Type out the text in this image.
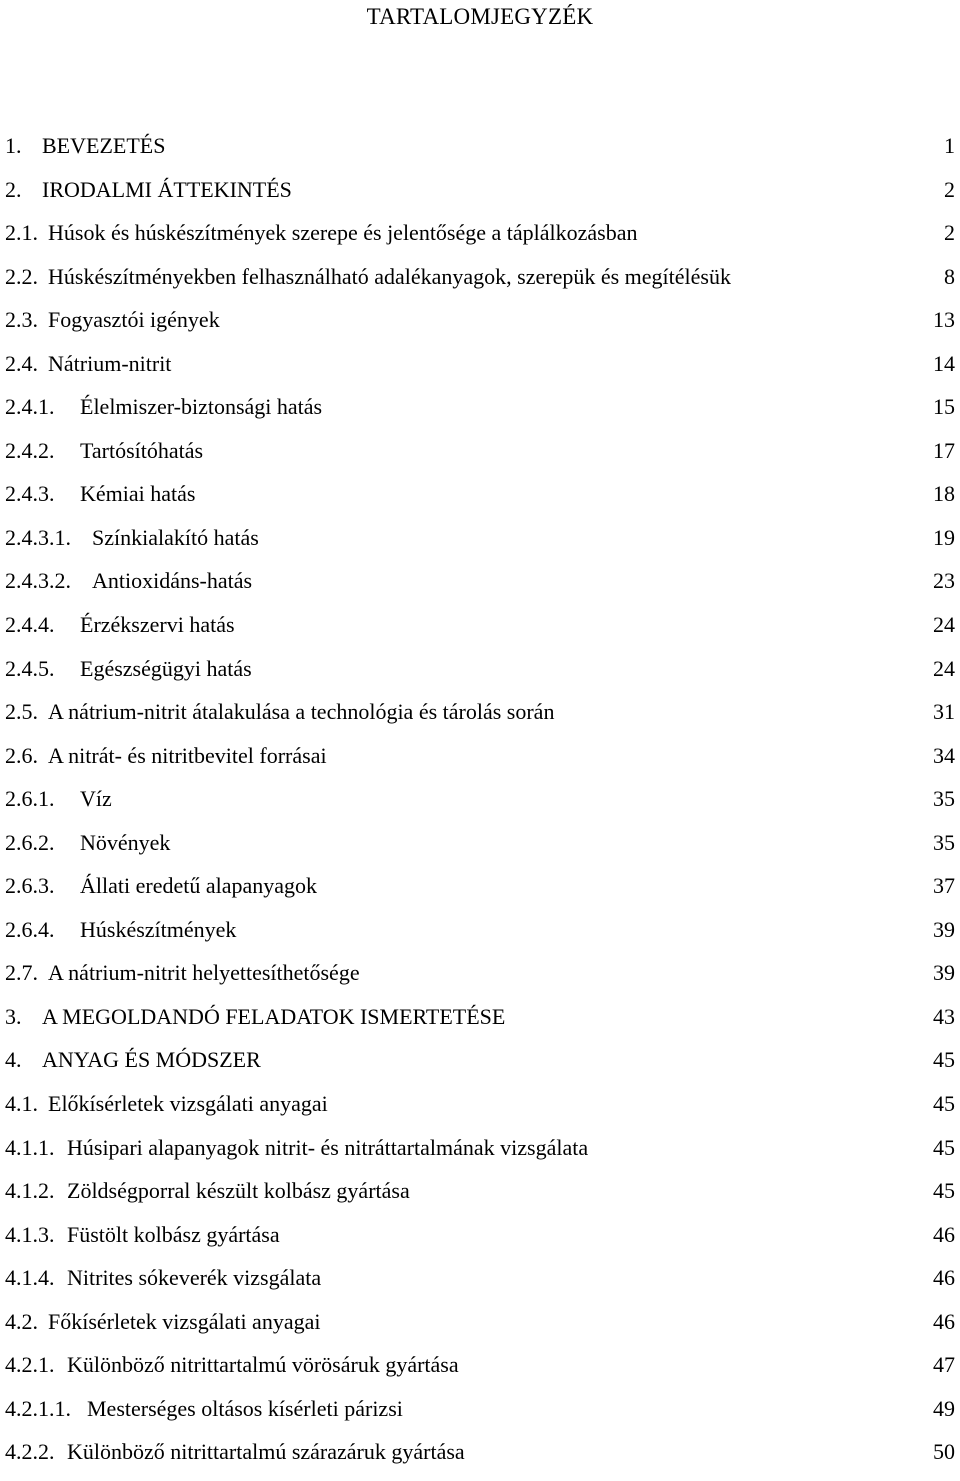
TARTALOMJEGYZÉK
1. BEVEZETÉS	1
2. IRODALMI ÁTTEKINTÉS	2
2.1. Húsok és húskészítmények szerepe és jelentősége a táplálkozásban	2
2.2. Húskészítményekben felhasználható adalékanyagok, szerepük és megítélésük	8
2.3. Fogyasztói igények	13
2.4. Nátrium-nitrit	14
2.4.1. Élelmiszer-biztonsági hatás	15
2.4.2. Tartósítóhatás	17
2.4.3. Kémiai hatás	18
2.4.3.1. Színkialakító hatás	19
2.4.3.2. Antioxidáns-hatás	23
2.4.4. Érzékszervi hatás	24
2.4.5. Egészségügyi hatás	24
2.5. A nátrium-nitrit átalakulása a technológia és tárolás során	31
2.6. A nitrát- és nitritbevitel forrásai	34
2.6.1. Víz	35
2.6.2. Növények	35
2.6.3. Állati eredetű alapanyagok	37
2.6.4. Húskészítmények	39
2.7. A nátrium-nitrit helyettesíthetősége	39
3. A MEGOLDANDÓ FELADATOK ISMERTETÉSE	43
4. ANYAG ÉS MÓDSZER	45
4.1. Előkísérletek vizsgálati anyagai	45
4.1.1. Húsipari alapanyagok nitrit- és nitráttartalmának vizsgálata	45
4.1.2. Zöldségporral készült kolbász gyártása	45
4.1.3. Füstölt kolbász gyártása	46
4.1.4. Nitrites sókeverék vizsgálata	46
4.2. Főkísérletek vizsgálati anyagai	46
4.2.1. Különböző nitrittartalmú vörösáruk gyártása	47
4.2.1.1. Mesterséges oltásos kísérleti párizsi	49
4.2.2. Különböző nitrittartalmú szárazáruk gyártása	50
